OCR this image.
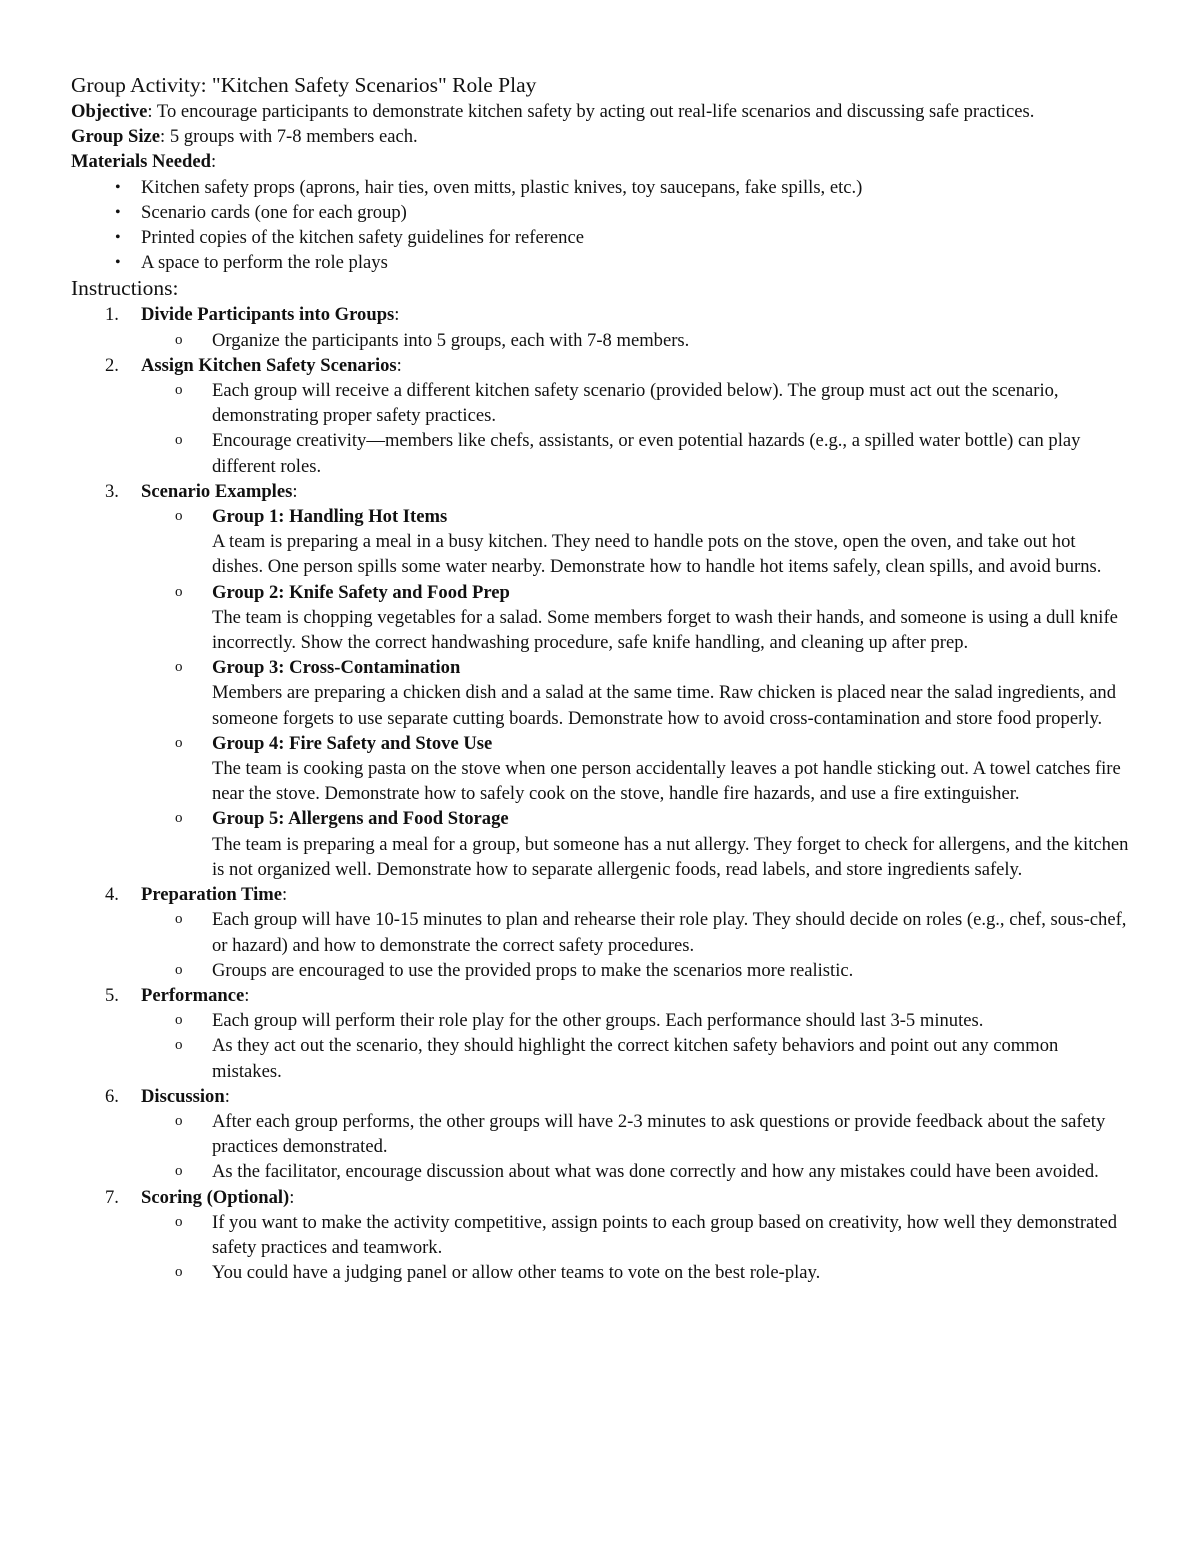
Group Activity: "Kitchen Safety Scenarios" Role Play

Objective: To encourage participants to demonstrate kitchen safety by acting out real-life scenarios and discussing safe practices.

Group Size: 5 groups with 7-8 members each.

Materials Needed:

• Kitchen safety props (aprons, hair ties, oven mitts, plastic knives, toy saucepans, fake spills, etc.)
• Scenario cards (one for each group)
• Printed copies of the kitchen safety guidelines for reference
• A space to perform the role plays
Instructions:
1. Divide Participants into Groups:
o Organize the participants into 5 groups, each with 7-8 members.
2. Assign Kitchen Safety Scenarios:
o Each group will receive a different kitchen safety scenario (provided below). The group must act out the scenario, demonstrating proper safety practices.
o Encourage creativity—members like chefs, assistants, or even potential hazards (e.g., a spilled water bottle) can play different roles.
3. Scenario Examples:
o Group 1: Handling Hot Items
A team is preparing a meal in a busy kitchen. They need to handle pots on the stove, open the oven, and take out hot dishes. One person spills some water nearby. Demonstrate how to handle hot items safely, clean spills, and avoid burns.
o Group 2: Knife Safety and Food Prep
The team is chopping vegetables for a salad. Some members forget to wash their hands, and someone is using a dull knife incorrectly. Show the correct handwashing procedure, safe knife handling, and cleaning up after prep.
o Group 3: Cross-Contamination
Members are preparing a chicken dish and a salad at the same time. Raw chicken is placed near the salad ingredients, and someone forgets to use separate cutting boards. Demonstrate how to avoid cross-contamination and store food properly.
o Group 4: Fire Safety and Stove Use
The team is cooking pasta on the stove when one person accidentally leaves a pot handle sticking out. A towel catches fire near the stove. Demonstrate how to safely cook on the stove, handle fire hazards, and use a fire extinguisher.
o Group 5: Allergens and Food Storage
The team is preparing a meal for a group, but someone has a nut allergy. They forget to check for allergens, and the kitchen is not organized well. Demonstrate how to separate allergenic foods, read labels, and store ingredients safely.
4. Preparation Time:
o Each group will have 10-15 minutes to plan and rehearse their role play. They should decide on roles (e.g., chef, sous-chef, or hazard) and how to demonstrate the correct safety procedures.
o Groups are encouraged to use the provided props to make the scenarios more realistic.
5. Performance:
o Each group will perform their role play for the other groups. Each performance should last 3-5 minutes.
o As they act out the scenario, they should highlight the correct kitchen safety behaviors and point out any common mistakes.
6. Discussion:
o After each group performs, the other groups will have 2-3 minutes to ask questions or provide feedback about the safety practices demonstrated.
o As the facilitator, encourage discussion about what was done correctly and how any mistakes could have been avoided.
7. Scoring (Optional):
o If you want to make the activity competitive, assign points to each group based on creativity, how well they demonstrated safety practices and teamwork.
o You could have a judging panel or allow other teams to vote on the best role-play.
